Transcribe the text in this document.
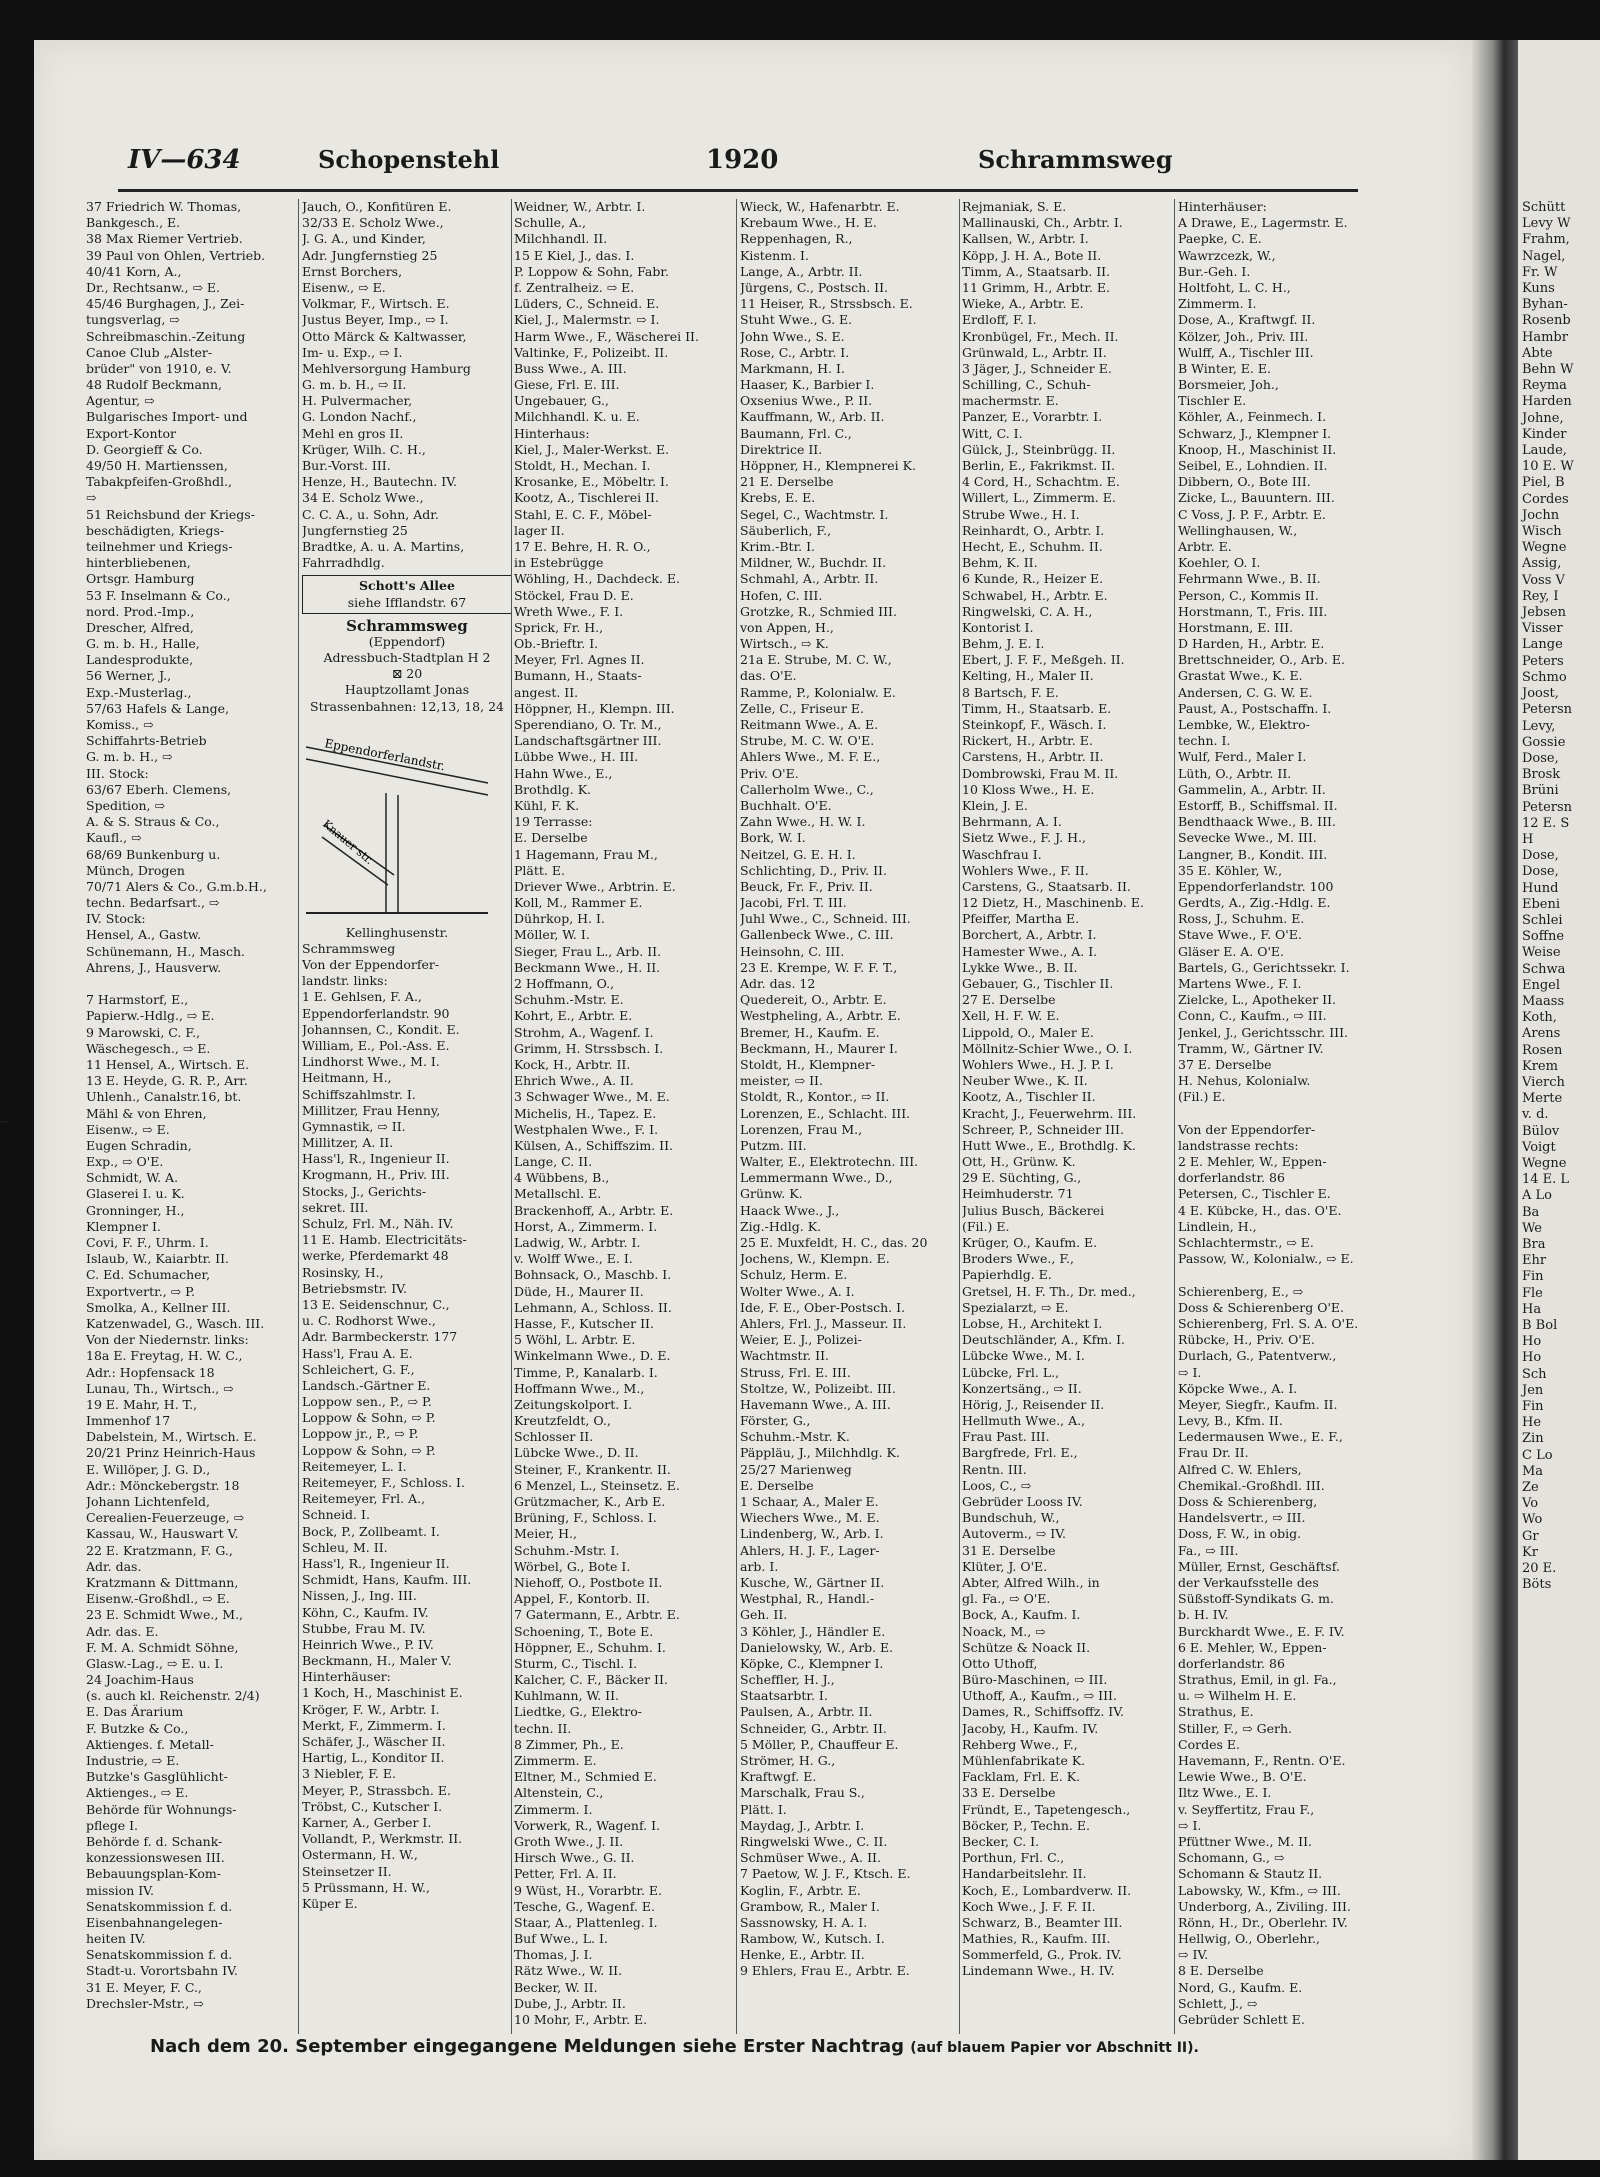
Schütt
Levy W
Frahm,
Nagel,
Fr. W
Kuns
Byhan-
Rosenb
Hambr
Abte
Behn W
Reyma
Harden
Johne,
Kinder
Laude,
10 E. W
Piel, B
Cordes
Jochn
Wisch
Wegne
Assig,
Voss V
Rey, I
Jebsen
Visser
Lange
Peters
Schmo
Joost,
Petersn
Levy,
Gossie
Dose,
Brosk
Brüni
Petersn
12 E. S
H
Dose,
Dose,
Hund
Ebeni
Schlei
Soffne
Weise
Schwa
Engel
Maass
Koth,
Arens
Rosen
Krem
Vierch
Merte
v. d.
Bülov
Voigt
Wegne
14 E. L
A Lo
Ba
We
Bra
Ehr
Fin
Fle
Ha
B Bol
Ho
Ho
Sch
Jen
Fin
He
Zin
C Lo
Ma
Ze
Vo
Wo
Gr
Kr
20 E.
Böts
–
IV—634	Schopenstehl	1920	Schrammsweg
37 Friedrich W. Thomas,
Bankgesch., E.
38 Max Riemer Vertrieb.
39 Paul von Ohlen, Vertrieb.
40/41 Korn, A.,
Dr., Rechtsanw., ⇨ E.
45/46 Burghagen, J., Zei-
tungsverlag, ⇨
Schreibmaschin.-Zeitung
Canoe Club „Alster-
brüder" von 1910, e. V.
48 Rudolf Beckmann,
Agentur, ⇨
Bulgarisches Import- und
Export-Kontor
D. Georgieff & Co.
49/50 H. Martienssen,
Tabakpfeifen-Großhdl.,
⇨
51 Reichsbund der Kriegs-
beschädigten, Kriegs-
teilnehmer und Kriegs-
hinterbliebenen,
Ortsgr. Hamburg
53 F. Inselmann & Co.,
nord. Prod.-Imp.,
Drescher, Alfred,
G. m. b. H., Halle,
Landesprodukte,
56 Werner, J.,
Exp.-Musterlag.,
57/63 Hafels & Lange,
Komiss., ⇨
Schiffahrts-Betrieb
G. m. b. H., ⇨
III. Stock:
63/67 Eberh. Clemens,
Spedition, ⇨
A. & S. Straus & Co.,
Kaufl., ⇨
68/69 Bunkenburg u.
Münch, Drogen
70/71 Alers & Co., G.m.b.H.,
techn. Bedarfsart., ⇨
IV. Stock:
Hensel, A., Gastw.
Schünemann, H., Masch.
Ahrens, J., Hausverw.
7 Harmstorf, E.,
Papierw.-Hdlg., ⇨ E.
9 Marowski, C. F.,
Wäschegesch., ⇨ E.
11 Hensel, A., Wirtsch. E.
13 E. Heyde, G. R. P., Arr.
Uhlenh., Canalstr.16, bt.
Mähl & von Ehren,
Eisenw., ⇨ E.
Eugen Schradin,
Exp., ⇨ O'E.
Schmidt, W. A.
Glaserei I. u. K.
Gronninger, H.,
Klempner I.
Covi, F. F., Uhrm. I.
Islaub, W., Kaiarbtr. II.
C. Ed. Schumacher,
Exportvertr., ⇨ P.
Smolka, A., Kellner III.
Katzenwadel, G., Wasch. III.
Von der Niedernstr. links:
18a E. Freytag, H. W. C.,
Adr.: Hopfensack 18
Lunau, Th., Wirtsch., ⇨
19 E. Mahr, H. T.,
Immenhof 17
Dabelstein, M., Wirtsch. E.
20/21 Prinz Heinrich-Haus
E. Willöper, J. G. D.,
Adr.: Mönckebergstr. 18
Johann Lichtenfeld,
Cerealien-Feuerzeuge, ⇨
Kassau, W., Hauswart V.
22 E. Kratzmann, F. G.,
Adr. das.
Kratzmann & Dittmann,
Eisenw.-Großhdl., ⇨ E.
23 E. Schmidt Wwe., M.,
Adr. das. E.
F. M. A. Schmidt Söhne,
Glasw.-Lag., ⇨ E. u. I.
24 Joachim-Haus
(s. auch kl. Reichenstr. 2/4)
E. Das Ärarium
F. Butzke & Co.,
Aktienges. f. Metall-
Industrie, ⇨ E.
Butzke's Gasglühlicht-
Aktienges., ⇨ E.
Behörde für Wohnungs-
pflege I.
Behörde f. d. Schank-
konzessionswesen III.
Bebauungsplan-Kom-
mission IV.
Senatskommission f. d.
Eisenbahnangelegen-
heiten IV.
Senatskommission f. d.
Stadt-u. Vorortsbahn IV.
31 E. Meyer, F. C.,
Drechsler-Mstr., ⇨
Jauch, O., Konfitüren E.
32/33 E. Scholz Wwe.,
J. G. A., und Kinder,
Adr. Jungfernstieg 25
Ernst Borchers,
Eisenw., ⇨ E.
Volkmar, F., Wirtsch. E.
Justus Beyer, Imp., ⇨ I.
Otto Märck & Kaltwasser,
Im- u. Exp., ⇨ I.
Mehlversorgung Hamburg
G. m. b. H., ⇨ II.
H. Pulvermacher,
G. London Nachf.,
Mehl en gros II.
Krüger, Wilh. C. H.,
Bur.-Vorst. III.
Henze, H., Bautechn. IV.
34 E. Scholz Wwe.,
C. C. A., u. Sohn, Adr.
Jungfernstieg 25
Bradtke, A. u. A. Martins,
Fahrradhdlg.
Schott's Allee
siehe Ifflandstr. 67
Schrammsweg
(Eppendorf)
Adressbuch-Stadtplan H 2
⊠ 20
Hauptzollamt Jonas
Strassenbahnen: 12,13, 18, 24
Eppendorferlandstr.
Knauer str.
Kellinghusenstr.
Schrammsweg
Von der Eppendorfer-
landstr. links:
1 E. Gehlsen, F. A.,
Eppendorferlandstr. 90
Johannsen, C., Kondit. E.
William, E., Pol.-Ass. E.
Lindhorst Wwe., M. I.
Heitmann, H.,
Schiffszahlmstr. I.
Millitzer, Frau Henny,
Gymnastik, ⇨ II.
Millitzer, A. II.
Hass'l, R., Ingenieur II.
Krogmann, H., Priv. III.
Stocks, J., Gerichts-
sekret. III.
Schulz, Frl. M., Näh. IV.
11 E. Hamb. Electricitäts-
werke, Pferdemarkt 48
Rosinsky, H.,
Betriebsmstr. IV.
13 E. Seidenschnur, C.,
u. C. Rodhorst Wwe.,
Adr. Barmbeckerstr. 177
Hass'l, Frau A. E.
Schleichert, G. F.,
Landsch.-Gärtner E.
Loppow sen., P., ⇨ P.
Loppow & Sohn, ⇨ P.
Loppow jr., P., ⇨ P.
Loppow & Sohn, ⇨ P.
Reitemeyer, L. I.
Reitemeyer, F., Schloss. I.
Reitemeyer, Frl. A.,
Schneid. I.
Bock, P., Zollbeamt. I.
Schleu, M. II.
Hass'l, R., Ingenieur II.
Schmidt, Hans, Kaufm. III.
Nissen, J., Ing. III.
Köhn, C., Kaufm. IV.
Stubbe, Frau M. IV.
Heinrich Wwe., P. IV.
Beckmann, H., Maler V.
Hinterhäuser:
1 Koch, H., Maschinist E.
Kröger, F. W., Arbtr. I.
Merkt, F., Zimmerm. I.
Schäfer, J., Wäscher II.
Hartig, L., Konditor II.
3 Niebler, F. E.
Meyer, P., Strassbch. E.
Tröbst, C., Kutscher I.
Karner, A., Gerber I.
Vollandt, P., Werkmstr. II.
Ostermann, H. W.,
Steinsetzer II.
5 Prüssmann, H. W.,
Küper E.
Weidner, W., Arbtr. I.
Schulle, A.,
Milchhandl. II.
15 E Kiel, J., das. I.
P. Loppow & Sohn, Fabr.
f. Zentralheiz. ⇨ E.
Lüders, C., Schneid. E.
Kiel, J., Malermstr. ⇨ I.
Harm Wwe., F., Wäscherei II.
Valtinke, F., Polizeibt. II.
Buss Wwe., A. III.
Giese, Frl. E. III.
Ungebauer, G.,
Milchhandl. K. u. E.
Hinterhaus:
Kiel, J., Maler-Werkst. E.
Stoldt, H., Mechan. I.
Krosanke, E., Möbeltr. I.
Kootz, A., Tischlerei II.
Stahl, E. C. F., Möbel-
lager II.
17 E. Behre, H. R. O.,
in Estebrügge
Wöhling, H., Dachdeck. E.
Stöckel, Frau D. E.
Wreth Wwe., F. I.
Sprick, Fr. H.,
Ob.-Brieftr. I.
Meyer, Frl. Agnes II.
Bumann, H., Staats-
angest. II.
Höppner, H., Klempn. III.
Sperendiano, O. Tr. M.,
Landschaftsgärtner III.
Lübbe Wwe., H. III.
Hahn Wwe., E.,
Brothdlg. K.
Kühl, F. K.
19 Terrasse:
E. Derselbe
1 Hagemann, Frau M.,
Plätt. E.
Driever Wwe., Arbtrin. E.
Koll, M., Rammer E.
Dührkop, H. I.
Möller, W. I.
Sieger, Frau L., Arb. II.
Beckmann Wwe., H. II.
2 Hoffmann, O.,
Schuhm.-Mstr. E.
Kohrt, E., Arbtr. E.
Strohm, A., Wagenf. I.
Grimm, H. Strssbsch. I.
Kock, H., Arbtr. II.
Ehrich Wwe., A. II.
3 Schwager Wwe., M. E.
Michelis, H., Tapez. E.
Westphalen Wwe., F. I.
Külsen, A., Schiffszim. II.
Lange, C. II.
4 Wübbens, B.,
Metallschl. E.
Brackenhoff, A., Arbtr. E.
Horst, A., Zimmerm. I.
Ladwig, W., Arbtr. I.
v. Wolff Wwe., E. I.
Bohnsack, O., Maschb. I.
Düde, H., Maurer II.
Lehmann, A., Schloss. II.
Hasse, F., Kutscher II.
5 Wöhl, L. Arbtr. E.
Winkelmann Wwe., D. E.
Timme, P., Kanalarb. I.
Hoffmann Wwe., M.,
Zeitungskolport. I.
Kreutzfeldt, O.,
Schlosser II.
Lübcke Wwe., D. II.
Steiner, F., Krankentr. II.
6 Menzel, L., Steinsetz. E.
Grützmacher, K., Arb E.
Brüning, F., Schloss. I.
Meier, H.,
Schuhm.-Mstr. I.
Wörbel, G., Bote I.
Niehoff, O., Postbote II.
Appel, F., Kontorb. II.
7 Gatermann, E., Arbtr. E.
Schoening, T., Bote E.
Höppner, E., Schuhm. I.
Sturm, C., Tischl. I.
Kalcher, C. F., Bäcker II.
Kuhlmann, W. II.
Liedtke, G., Elektro-
techn. II.
8 Zimmer, Ph., E.
Zimmerm. E.
Eltner, M., Schmied E.
Altenstein, C.,
Zimmerm. I.
Vorwerk, R., Wagenf. I.
Groth Wwe., J. II.
Hirsch Wwe., G. II.
Petter, Frl. A. II.
9 Wüst, H., Vorarbtr. E.
Tesche, G., Wagenf. E.
Staar, A., Plattenleg. I.
Buf Wwe., L. I.
Thomas, J. I.
Rätz Wwe., W. II.
Becker, W. II.
Dube, J., Arbtr. II.
10 Mohr, F., Arbtr. E.
Wieck, W., Hafenarbtr. E.
Krebaum Wwe., H. E.
Reppenhagen, R.,
Kistenm. I.
Lange, A., Arbtr. II.
Jürgens, C., Postsch. II.
11 Heiser, R., Strssbsch. E.
Stuht Wwe., G. E.
John Wwe., S. E.
Rose, C., Arbtr. I.
Markmann, H. I.
Haaser, K., Barbier I.
Oxsenius Wwe., P. II.
Kauffmann, W., Arb. II.
Baumann, Frl. C.,
Direktrice II.
Höppner, H., Klempnerei K.
21 E. Derselbe
Krebs, E. E.
Segel, C., Wachtmstr. I.
Säuberlich, F.,
Krim.-Btr. I.
Mildner, W., Buchdr. II.
Schmahl, A., Arbtr. II.
Hofen, C. III.
Grotzke, R., Schmied III.
von Appen, H.,
Wirtsch., ⇨ K.
21a E. Strube, M. C. W.,
das. O'E.
Ramme, P., Kolonialw. E.
Zelle, C., Friseur E.
Reitmann Wwe., A. E.
Strube, M. C. W. O'E.
Ahlers Wwe., M. F. E.,
Priv. O'E.
Callerholm Wwe., C.,
Buchhalt. O'E.
Zahn Wwe., H. W. I.
Bork, W. I.
Neitzel, G. E. H. I.
Schlichting, D., Priv. II.
Beuck, Fr. F., Priv. II.
Jacobi, Frl. T. III.
Juhl Wwe., C., Schneid. III.
Gallenbeck Wwe., C. III.
Heinsohn, C. III.
23 E. Krempe, W. F. F. T.,
Adr. das. 12
Quedereit, O., Arbtr. E.
Westpheling, A., Arbtr. E.
Bremer, H., Kaufm. E.
Beckmann, H., Maurer I.
Stoldt, H., Klempner-
meister, ⇨ II.
Stoldt, R., Kontor., ⇨ II.
Lorenzen, E., Schlacht. III.
Lorenzen, Frau M.,
Putzm. III.
Walter, E., Elektrotechn. III.
Lemmermann Wwe., D.,
Grünw. K.
Haack Wwe., J.,
Zig.-Hdlg. K.
25 E. Muxfeldt, H. C., das. 20
Jochens, W., Klempn. E.
Schulz, Herm. E.
Wolter Wwe., A. I.
Ide, F. E., Ober-Postsch. I.
Ahlers, Frl. J., Masseur. II.
Weier, E. J., Polizei-
Wachtmstr. II.
Struss, Frl. E. III.
Stoltze, W., Polizeibt. III.
Havemann Wwe., A. III.
Förster, G.,
Schuhm.-Mstr. K.
Päppläu, J., Milchhdlg. K.
25/27 Marienweg
E. Derselbe
1 Schaar, A., Maler E.
Wiechers Wwe., M. E.
Lindenberg, W., Arb. I.
Ahlers, H. J. F., Lager-
arb. I.
Kusche, W., Gärtner II.
Westphal, R., Handl.-
Geh. II.
3 Köhler, J., Händler E.
Danielowsky, W., Arb. E.
Köpke, C., Klempner I.
Scheffler, H. J.,
Staatsarbtr. I.
Paulsen, A., Arbtr. II.
Schneider, G., Arbtr. II.
5 Möller, P., Chauffeur E.
Strömer, H. G.,
Kraftwgf. E.
Marschalk, Frau S.,
Plätt. I.
Maydag, J., Arbtr. I.
Ringwelski Wwe., C. II.
Schmüser Wwe., A. II.
7 Paetow, W. J. F., Ktsch. E.
Koglin, F., Arbtr. E.
Grambow, R., Maler I.
Sassnowsky, H. A. I.
Rambow, W., Kutsch. I.
Henke, E., Arbtr. II.
9 Ehlers, Frau E., Arbtr. E.
Rejmaniak, S. E.
Mallinauski, Ch., Arbtr. I.
Kallsen, W., Arbtr. I.
Köpp, J. H. A., Bote II.
Timm, A., Staatsarb. II.
11 Grimm, H., Arbtr. E.
Wieke, A., Arbtr. E.
Erdloff, F. I.
Kronbügel, Fr., Mech. II.
Grünwald, L., Arbtr. II.
3 Jäger, J., Schneider E.
Schilling, C., Schuh-
machermstr. E.
Panzer, E., Vorarbtr. I.
Witt, C. I.
Gülck, J., Steinbrügg. II.
Berlin, E., Fakrikmst. II.
4 Cord, H., Schachtm. E.
Willert, L., Zimmerm. E.
Strube Wwe., H. I.
Reinhardt, O., Arbtr. I.
Hecht, E., Schuhm. II.
Behm, K. II.
6 Kunde, R., Heizer E.
Schwabel, H., Arbtr. E.
Ringwelski, C. A. H.,
Kontorist I.
Behm, J. E. I.
Ebert, J. F. F., Meßgeh. II.
Kelting, H., Maler II.
8 Bartsch, F. E.
Timm, H., Staatsarb. E.
Steinkopf, F., Wäsch. I.
Rickert, H., Arbtr. E.
Carstens, H., Arbtr. II.
Dombrowski, Frau M. II.
10 Kloss Wwe., H. E.
Klein, J. E.
Behrmann, A. I.
Sietz Wwe., F. J. H.,
Waschfrau I.
Wohlers Wwe., F. II.
Carstens, G., Staatsarb. II.
12 Dietz, H., Maschinenb. E.
Pfeiffer, Martha E.
Borchert, A., Arbtr. I.
Hamester Wwe., A. I.
Lykke Wwe., B. II.
Gebauer, G., Tischler II.
27 E. Derselbe
Xell, H. F. W. E.
Lippold, O., Maler E.
Möllnitz-Schier Wwe., O. I.
Wohlers Wwe., H. J. P. I.
Neuber Wwe., K. II.
Kootz, A., Tischler II.
Kracht, J., Feuerwehrm. III.
Schreer, P., Schneider III.
Hutt Wwe., E., Brothdlg. K.
Ott, H., Grünw. K.
29 E. Süchting, G.,
Heimhuderstr. 71
Julius Busch, Bäckerei
(Fil.) E.
Krüger, O., Kaufm. E.
Broders Wwe., F.,
Papierhdlg. E.
Gretsel, H. F. Th., Dr. med.,
Spezialarzt, ⇨ E.
Lobse, H., Architekt I.
Deutschländer, A., Kfm. I.
Lübcke Wwe., M. I.
Lübcke, Frl. L.,
Konzertsäng., ⇨ II.
Hörig, J., Reisender II.
Hellmuth Wwe., A.,
Frau Past. III.
Bargfrede, Frl. E.,
Rentn. III.
Loos, C., ⇨
Gebrüder Looss IV.
Bundschuh, W.,
Autoverm., ⇨ IV.
31 E. Derselbe
Klüter, J. O'E.
Abter, Alfred Wilh., in
gl. Fa., ⇨ O'E.
Bock, A., Kaufm. I.
Noack, M., ⇨
Schütze & Noack II.
Otto Uthoff,
Büro-Maschinen, ⇨ III.
Uthoff, A., Kaufm., ⇨ III.
Dames, R., Schiffsoffz. IV.
Jacoby, H., Kaufm. IV.
Rehberg Wwe., F.,
Mühlenfabrikate K.
Facklam, Frl. E. K.
33 E. Derselbe
Fründt, E., Tapetengesch.,
Böcker, P., Techn. E.
Becker, C. I.
Porthun, Frl. C.,
Handarbeitslehr. II.
Koch, E., Lombardverw. II.
Koch Wwe., J. F. F. II.
Schwarz, B., Beamter III.
Mathies, R., Kaufm. III.
Sommerfeld, G., Prok. IV.
Lindemann Wwe., H. IV.
Hinterhäuser:
A Drawe, E., Lagermstr. E.
Paepke, C. E.
Wawrzcezk, W.,
Bur.-Geh. I.
Holtfoht, L. C. H.,
Zimmerm. I.
Dose, A., Kraftwgf. II.
Kölzer, Joh., Priv. III.
Wulff, A., Tischler III.
B Winter, E. E.
Borsmeier, Joh.,
Tischler E.
Köhler, A., Feinmech. I.
Schwarz, J., Klempner I.
Knoop, H., Maschinist II.
Seibel, E., Lohndien. II.
Dibbern, O., Bote III.
Zicke, L., Bauuntern. III.
C Voss, J. P. F., Arbtr. E.
Wellinghausen, W.,
Arbtr. E.
Koehler, O. I.
Fehrmann Wwe., B. II.
Person, C., Kommis II.
Horstmann, T., Fris. III.
Horstmann, E. III.
D Harden, H., Arbtr. E.
Brettschneider, O., Arb. E.
Grastat Wwe., K. E.
Andersen, C. G. W. E.
Paust, A., Postschaffn. I.
Lembke, W., Elektro-
techn. I.
Wulf, Ferd., Maler I.
Lüth, O., Arbtr. II.
Gammelin, A., Arbtr. II.
Estorff, B., Schiffsmal. II.
Bendthaack Wwe., B. III.
Sevecke Wwe., M. III.
Langner, B., Kondit. III.
35 E. Köhler, W.,
Eppendorferlandstr. 100
Gerdts, A., Zig.-Hdlg. E.
Ross, J., Schuhm. E.
Stave Wwe., F. O'E.
Gläser E. A. O'E.
Bartels, G., Gerichtssekr. I.
Martens Wwe., F. I.
Zielcke, L., Apotheker II.
Conn, C., Kaufm., ⇨ III.
Jenkel, J., Gerichtsschr. III.
Tramm, W., Gärtner IV.
37 E. Derselbe
H. Nehus, Kolonialw.
(Fil.) E.
Von der Eppendorfer-
landstrasse rechts:
2 E. Mehler, W., Eppen-
dorferlandstr. 86
Petersen, C., Tischler E.
4 E. Kübcke, H., das. O'E.
Lindlein, H.,
Schlachtermstr., ⇨ E.
Passow, W., Kolonialw., ⇨ E.
Schierenberg, E., ⇨
Doss & Schierenberg O'E.
Schierenberg, Frl. S. A. O'E.
Rübcke, H., Priv. O'E.
Durlach, G., Patentverw.,
⇨ I.
Köpcke Wwe., A. I.
Meyer, Siegfr., Kaufm. II.
Levy, B., Kfm. II.
Ledermausen Wwe., E. F.,
Frau Dr. II.
Alfred C. W. Ehlers,
Chemikal.-Großhdl. III.
Doss & Schierenberg,
Handelsvertr., ⇨ III.
Doss, F. W., in obig.
Fa., ⇨ III.
Müller, Ernst, Geschäftsf.
der Verkaufsstelle des
Süßstoff-Syndikats G. m.
b. H. IV.
Burckhardt Wwe., E. F. IV.
6 E. Mehler, W., Eppen-
dorferlandstr. 86
Strathus, Emil, in gl. Fa.,
u. ⇨ Wilhelm H. E.
Strathus, E.
Stiller, F., ⇨ Gerh.
Cordes E.
Havemann, F., Rentn. O'E.
Lewie Wwe., B. O'E.
Iltz Wwe., E. I.
v. Seyffertitz, Frau F.,
⇨ I.
Pfüttner Wwe., M. II.
Schomann, G., ⇨
Schomann & Stautz II.
Labowsky, W., Kfm., ⇨ III.
Underborg, A., Ziviling. III.
Rönn, H., Dr., Oberlehr. IV.
Hellwig, O., Oberlehr.,
⇨ IV.
8 E. Derselbe
Nord, G., Kaufm. E.
Schlett, J., ⇨
Gebrüder Schlett E.
Nach dem 20. September eingegangene Meldungen siehe Erster Nachtrag (auf blauem Papier vor Abschnitt II).
